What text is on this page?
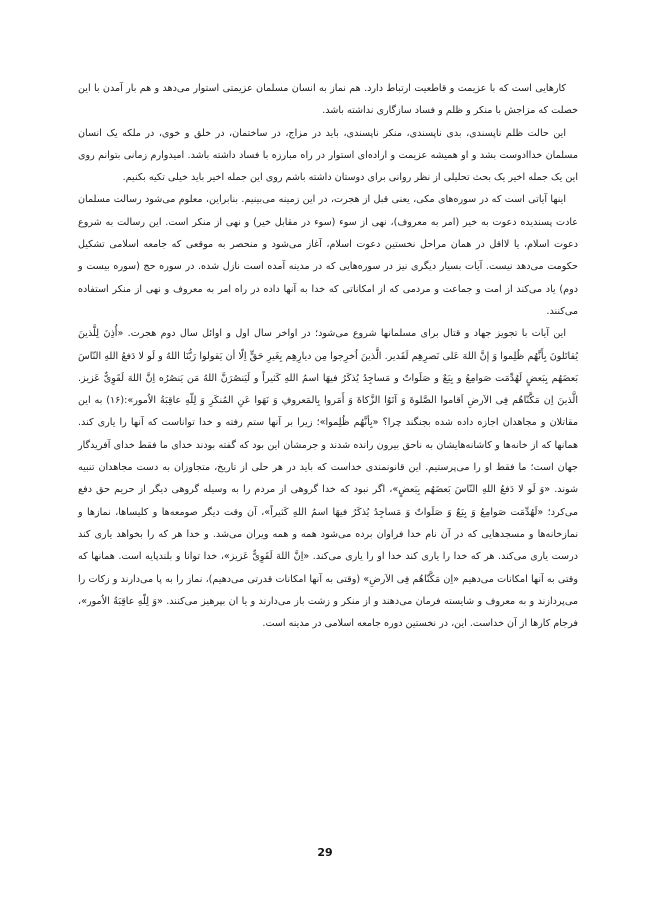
کارهایی است که با عزیمت و قاطعیت ارتباط دارد. هم نماز به انسان مسلمان عزیمتی استوار می‌دهد و هم بار آمدن با این خصلت که مزاجش با منکر و ظلم و فساد سازگاری نداشته باشد.

این حالت ظلم‌ ناپسندی، بدی ناپسندی، منکر ناپسندی، باید در مزاج، در ساختمان، در خلق و خوی، در ملکه یک انسان مسلمان خداادوست بشد و او همیشه عزیمت و اراده‌ای استوار در راه مبارزه با فساد داشته باشد. امیدوارم زمانی بتوانم روی این یک جمله اخیر یک بحث تحلیلی از نظر روانی برای دوستان داشته باشم روی این جمله اخیر باید خیلی تکیه بکنیم.

اینها آیاتی است که در سوره‌های مکی، یعنی قبل از هجرت، در این زمینه می‌بینیم. بنابراین، معلوم می‌شود رسالت مسلمان عادت پسندیده دعوت به خیر (امر به معروف)، نهی از سوء (سوء در مقابل خیر) و نهی از منکر است. این رسالت به شروع دعوت اسلام، یا لااقل در همان مراحل نخستین دعوت اسلام، آغاز می‌شود و منحصر به موقعی که جامعه اسلامی تشکیل حکومت می‌دهد نیست. آیات بسیار دیگری نیز در سوره‌هایی که در مدینه آمده است نازل شده. در سوره حج (سوره بیست و دوم) یاد می‌کند از امت و جماعت و مردمی که از امکاناتی که خدا به آنها داده در راه امر به معروف و نهی از منکر استفاده می‌کنند.

این آیات با تجویز جهاد و قتال برای مسلمانها شروع می‌شود؛ در اواخر سال اول و اوائل سال دوم هجرت. «أُذِنَ لِلَّذینَ یُقاتَلونَ بِأَنَّهُم ظُلِموا وَ إنَّ اللهَ عَلی نَصرِهِم لَقَدیر. الَّذینَ اُخرِجوا مِن دیارِهِم بِغَیرِ حَقٍّ اِلّا أن یَقولوا رَبُّنَا اللهُ و لَو لا دَفعُ اللهِ النّاسَ بَعضَهُم بِبَعضٍ لَهُدِّمَت صَوامِعُ و بِیَعٌ و صَلَواتٌ و مَساجِدُ یُذکَرُ فیهَا اسمُ اللهِ کَثیراً و لَیَنصُرَنَّ اللهُ مَن یَنصُرُه اِنَّ اللهَ لَقَوِیٌّ عَزیز. الَّذینَ اِن مَکَّنّاهُم فِی الاَرضِ اَقاموا الصَّلوةَ وَ آتَوُا الزَّکاةَ وَ أَمَروا بِالمَعروفِ وَ نَهَوا عَنِ المُنکَرِ وَ لِلّهِ عاقِبَةُ الاُمور»:(۱۶) به این مقاتلان و مجاهدان اجازه داده شده بجنگند چرا؟ «بِأنَّهُم ظُلِموا»؛ زیرا بر آنها ستم رفته و خدا تواناست که آنها را یاری کند. همانها که از خانه‌ها و کاشانه‌هایشان به ناحق بیرون رانده شدند و جرمشان این بود که گفته بودند خدای ما فقط خدای آفریدگار جهان است؛ ما فقط او را می‌پرستیم. این قانونمندی خداست که باید در هر حلی از تاریخ، متجاوزان به دست مجاهدان تنبیه شوند. «وَ لَو لا دَفعُ اللهِ النّاسَ بَعضَهُم بِبَعضٍ»، اگر نبود که خدا گروهی از مردم را به وسیله گروهی دیگر از حریم حق دفع می‌کرد؛ «لَهُدِّمَت صَوامِعُ وَ بِیَعٌ وَ صَلَواتٌ وَ مَساجِدُ یُذکَرُ فیهَا اسمُ اللهِ کَثیراً»، آن وقت دیگر صومعه‌ها و کلیساها، نمازها و نمازخانه‌ها و مسجدهایی که در آن نام خدا فراوان برده می‌شود همه و همه ویران می‌شد. و خدا هر که را بخواهد یاری کند درست یاری می‌کند. هر که خدا را یاری کند خدا او را یاری می‌کند. «اِنَّ اللهَ لَقَوِیٌّ عَزیز»، خدا توانا و بلندپایه است. همانها که وقتی به آنها امکانات می‌دهیم «اِن مَکَّنّاهُم فِی الاَرضِ» (وقتی به آنها امکانات قدرتی می‌دهیم)، نماز را به پا می‌دارند و زکات را می‌پردازند و به معروف و شایسته فرمان می‌دهند و از منکر و زشت باز می‌دارند و یا ان بپرهیز می‌کنند. «وَ لِلّهِ عاقِبَةُ الاُمور»، فرجام کارها از آن خداست. این، در نخستین دوره جامعه اسلامی در مدینه است.

29
